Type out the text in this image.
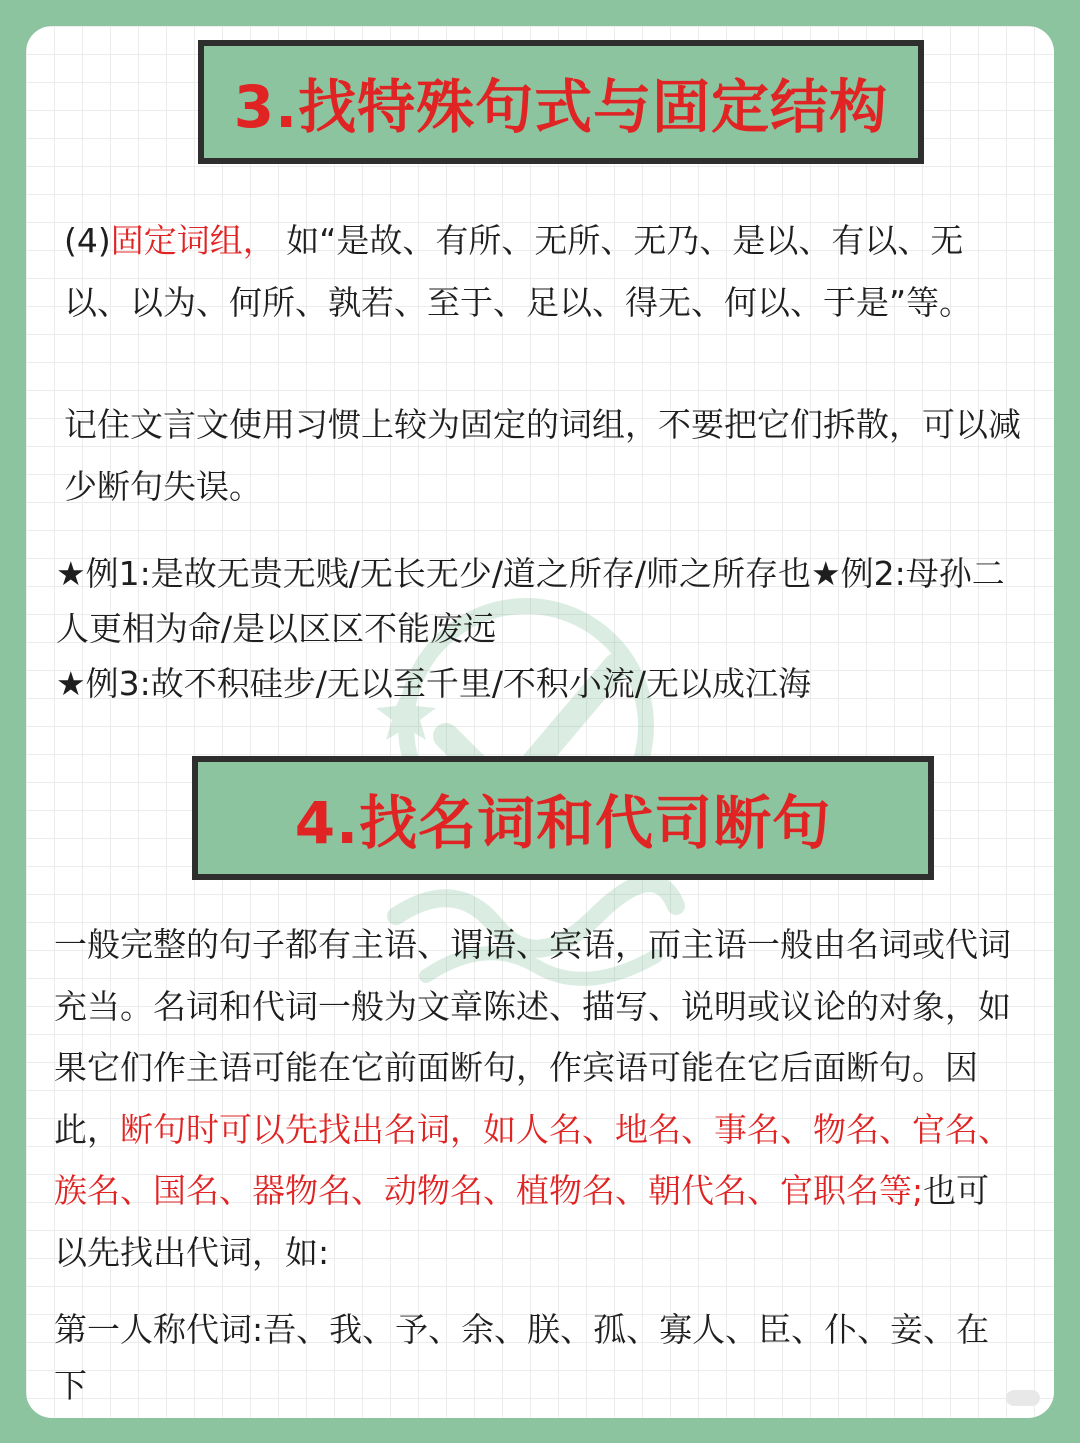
3.找特殊句式与固定结构

(4)固定词组， 如“是故、有所、无所、无乃、是以、有以、无以、以为、何所、孰若、至于、足以、得无、何以、于是”等。

记住文言文使用习惯上较为固定的词组，不要把它们拆散，可以减少断句失误。

★例1:是故无贵无贱/无长无少/道之所存/师之所存也★例2:母孙二人更相为命/是以区区不能废远
★例3:故不积硅步/无以至千里/不积小流/无以成江海
4.找名词和代司断句

一般完整的句子都有主语、谓语、宾语，而主语一般由名词或代词充当。名词和代词一般为文章陈述、描写、说明或议论的对象，如果它们作主语可能在它前面断句，作宾语可能在它后面断句。因此，断句时可以先找出名词，如人名、地名、事名、物名、官名、族名、国名、器物名、动物名、植物名、朝代名、官职名等;也可以先找出代词，如:

第一人称代词:吾、我、予、余、朕、孤、寡人、臣、仆、妾、在下
